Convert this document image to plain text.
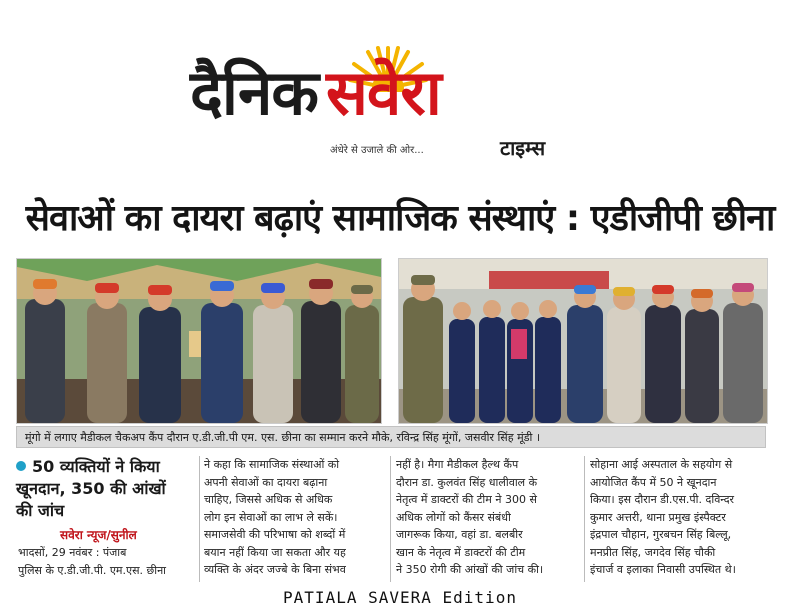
दैनिक सवेरा
अंधेरे से उजाले की ओर...	टाइम्स
सेवाओं का दायरा बढ़ाएं सामाजिक संस्थाएं : एडीजीपी छीना
मूंगो में लगाए मैडीकल चैकअप कैंप दौरान ए.डी.जी.पी एम. एस. छीना का सम्मान करने मौके, रविन्द्र सिंह मूंगों, जसवीर सिंह मूंडी ।
50 व्यक्तियों ने किया
खूनदान, 350 की आंखों
की जांच
सवेरा न्यूज/सुनील
भादसों, 29 नवंबर : पंजाब
पुलिस के ए.डी.जी.पी. एम.एस. छीना
ने कहा कि सामाजिक संस्थाओं को
अपनी सेवाओं का दायरा बढ़ाना
चाहिए, जिससे अधिक से अधिक
लोग इन सेवाओं का लाभ ले सकें।
समाजसेवी की परिभाषा को शब्दों में
बयान नहीं किया जा सकता और यह
व्यक्ति के अंदर जज्बे के बिना संभव
नहीं है। मैगा मैडीकल हैल्थ कैंप
दौरान डा. कुलवंत सिंह धालीवाल के
नेतृत्व में डाक्टरों की टीम ने 300 से
अधिक लोगों को कैंसर संबंधी
जागरूक किया, वहां डा. बलबीर
खान के नेतृत्व में डाक्टरों की टीम
ने 350 रोगी की आंखों की जांच की।
सोहाना आई अस्पताल के सहयोग से
आयोजित कैंप में 50 ने खूनदान
किया। इस दौरान डी.एस.पी. दविन्दर
कुमार अत्तरी, थाना प्रमुख इंस्पैक्टर
इंद्रपाल चौहान, गुरबचन सिंह बिल्लू,
मनप्रीत सिंह, जगदेव सिंह चौकी
इंचार्ज व इलाका निवासी उपस्थित थे।
PATIALA SAVERA Edition
